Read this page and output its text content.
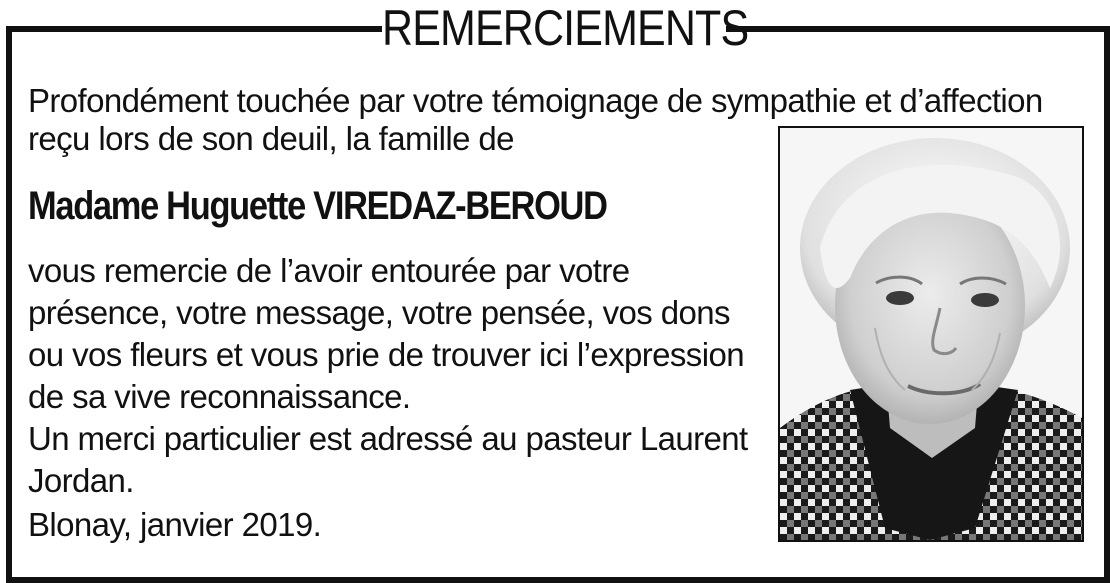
REMERCIEMENTS
Profondément touchée par votre témoignage de sympathie et d’affection
reçu lors de son deuil, la famille de
Madame Huguette VIREDAZ-BEROUD
vous remercie de l’avoir entourée par votre
présence, votre message, votre pensée, vos dons
ou vos fleurs et vous prie de trouver ici l’expression
de sa vive reconnaissance.
Un merci particulier est adressé au pasteur Laurent
Jordan.
Blonay, janvier 2019.
